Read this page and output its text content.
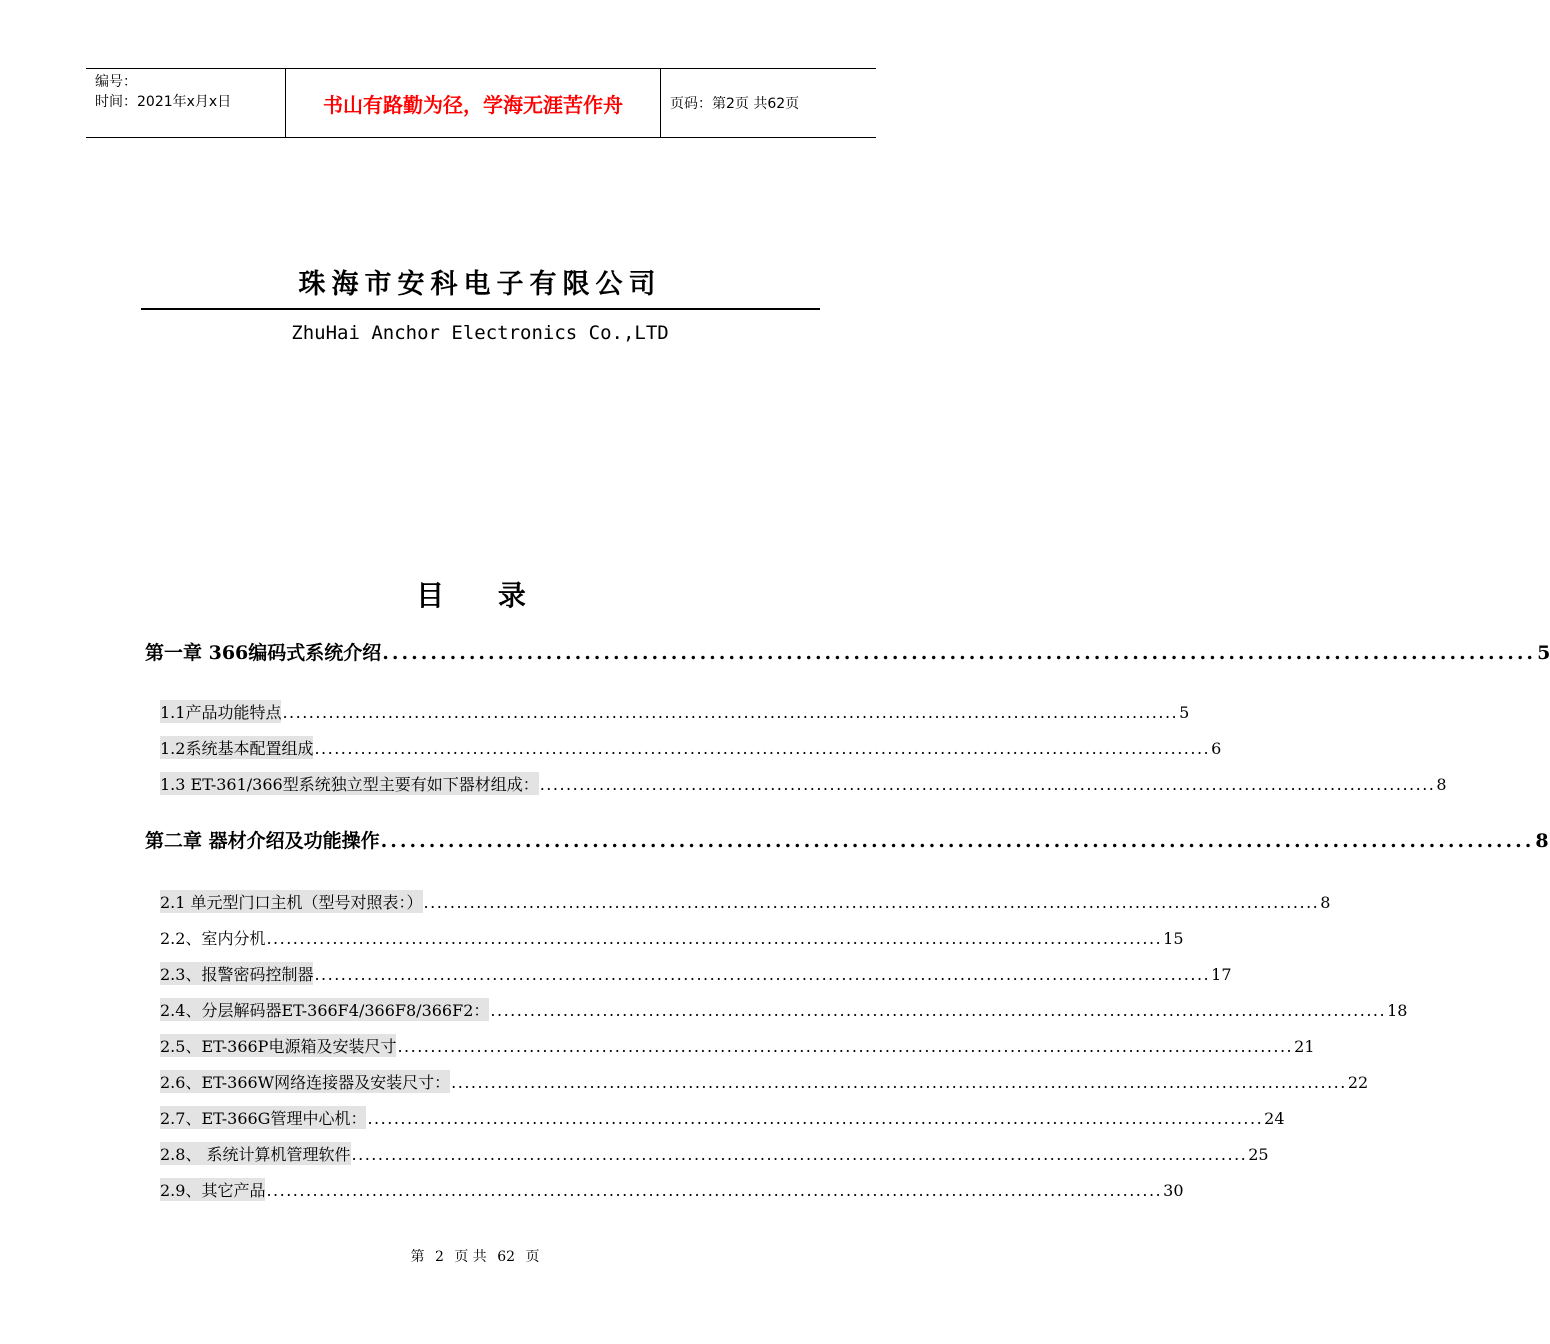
编号：
时间：2021年x月x日	书山有路勤为径，学海无涯苦作舟	页码：第2页 共62页
珠海市安科电子有限公司
ZhuHai Anchor Electronics Co.,LTD
目 录
第一章 366编码式系统介绍 ........................................................................................................................ 5
1.1产品功能特点 ........................................................................................................................................ 5
1.2系统基本配置组成 ........................................................................................................................................ 6
1.3 ET-361/366型系统独立型主要有如下器材组成： ........................................................................................................................................ 8
第二章 器材介绍及功能操作 ........................................................................................................................ 8
2.1 单元型门口主机（型号对照表：） ........................................................................................................................................ 8
2.2、室内分机 ........................................................................................................................................ 15
2.3、报警密码控制器 ........................................................................................................................................ 17
2.4、分层解码器ET-366F4/366F8/366F2： ........................................................................................................................................ 18
2.5、ET-366P电源箱及安装尺寸 ........................................................................................................................................ 21
2.6、ET-366W网络连接器及安装尺寸： ........................................................................................................................................ 22
2.7、ET-366G管理中心机： ........................................................................................................................................ 24
2.8、 系统计算机管理软件 ........................................................................................................................................ 25
2.9、其它产品 ........................................................................................................................................ 30
第 2 页 共 62 页
